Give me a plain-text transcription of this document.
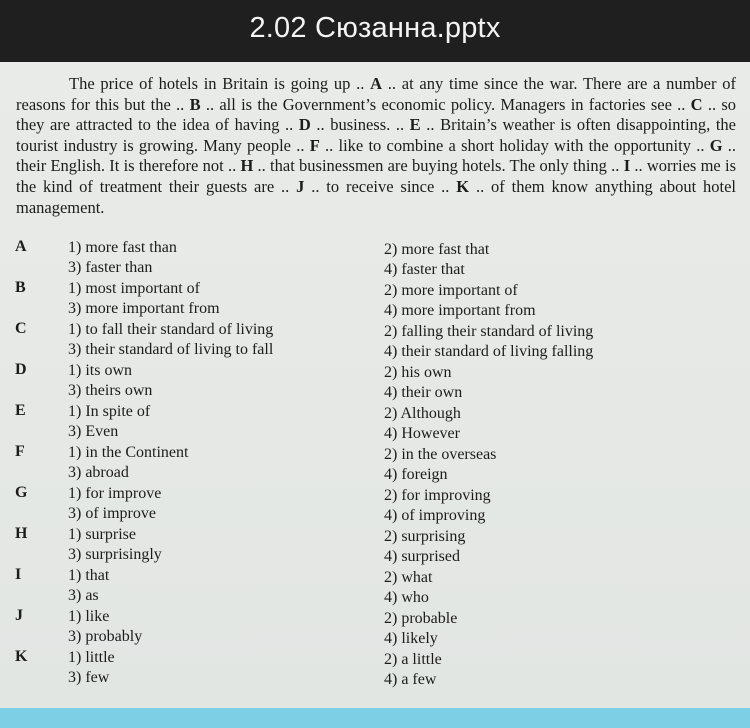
2.02 Сюзанна.pptx

The price of hotels in Britain is going up .. A .. at any time since the war. There are a number of reasons for this but the .. B .. all is the Government’s economic policy. Managers in factories see .. C .. so they are attracted to the idea of having .. D .. business. .. E .. Britain’s weather is often disappointing, the tourist industry is growing. Many people .. F .. like to combine a short holiday with the opportunity .. G .. their English. It is therefore not .. H .. that businessmen are buying hotels. The only thing .. I .. worries me is the kind of treatment their guests are .. J .. to receive since .. K .. of them know anything about hotel management.

A	1) more fast than	2) more fast that
3) faster than	4) faster that
B	1) most important of	2) more important of
3) more important from	4) more important from
C	1) to fall their standard of living	2) falling their standard of living
3) their standard of living to fall	4) their standard of living falling
D	1) its own	2) his own
3) theirs own	4) their own
E	1) In spite of	2) Although
3) Even	4) However
F	1) in the Continent	2) in the overseas
3) abroad	4) foreign
G	1) for improve	2) for improving
3) of improve	4) of improving
H	1) surprise	2) surprising
3) surprisingly	4) surprised
I	1) that	2) what
3) as	4) who
J	1) like	2) probable
3) probably	4) likely
K	1) little	2) a little
3) few	4) a few
